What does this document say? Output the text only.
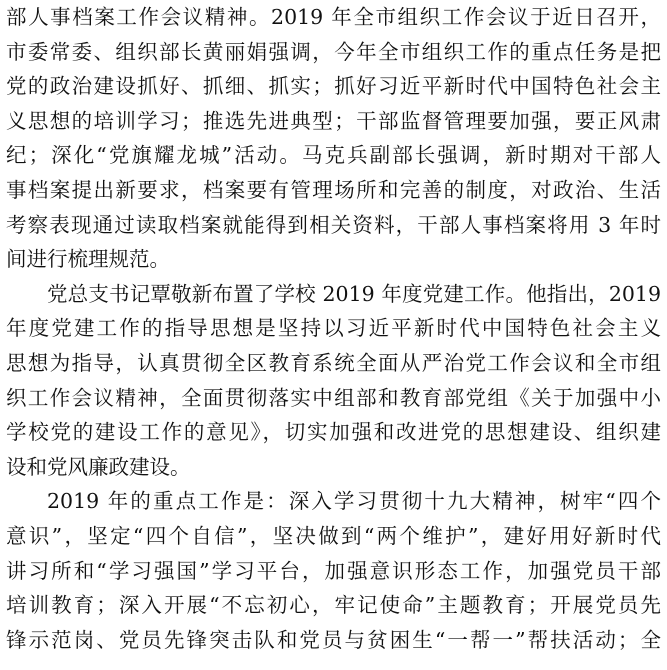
部人事档案工作会议精神。2019 年全市组织工作会议于近日召开，
市委常委、组织部长黄丽娟强调，今年全市组织工作的重点任务是把
党的政治建设抓好、抓细、抓实；抓好习近平新时代中国特色社会主
义思想的培训学习；推选先进典型；干部监督管理要加强，要正风肃
纪；深化“党旗耀龙城”活动。马克兵副部长强调，新时期对干部人
事档案提出新要求，档案要有管理场所和完善的制度，对政治、生活
考察表现通过读取档案就能得到相关资料，干部人事档案将用 3 年时
间进行梳理规范。
党总支书记覃敬新布置了学校 2019 年度党建工作。他指出，2019
年度党建工作的指导思想是坚持以习近平新时代中国特色社会主义
思想为指导，认真贯彻全区教育系统全面从严治党工作会议和全市组
织工作会议精神，全面贯彻落实中组部和教育部党组《关于加强中小
学校党的建设工作的意见》，切实加强和改进党的思想建设、组织建
设和党风廉政建设。
2019 年的重点工作是：深入学习贯彻十九大精神，树牢“四个
意识”，坚定“四个自信”，坚决做到“两个维护”，建好用好新时代
讲习所和“学习强国”学习平台，加强意识形态工作，加强党员干部
培训教育；深入开展“不忘初心，牢记使命”主题教育；开展党员先
锋示范岗、党员先锋突击队和党员与贫困生“一帮一”帮扶活动；全
